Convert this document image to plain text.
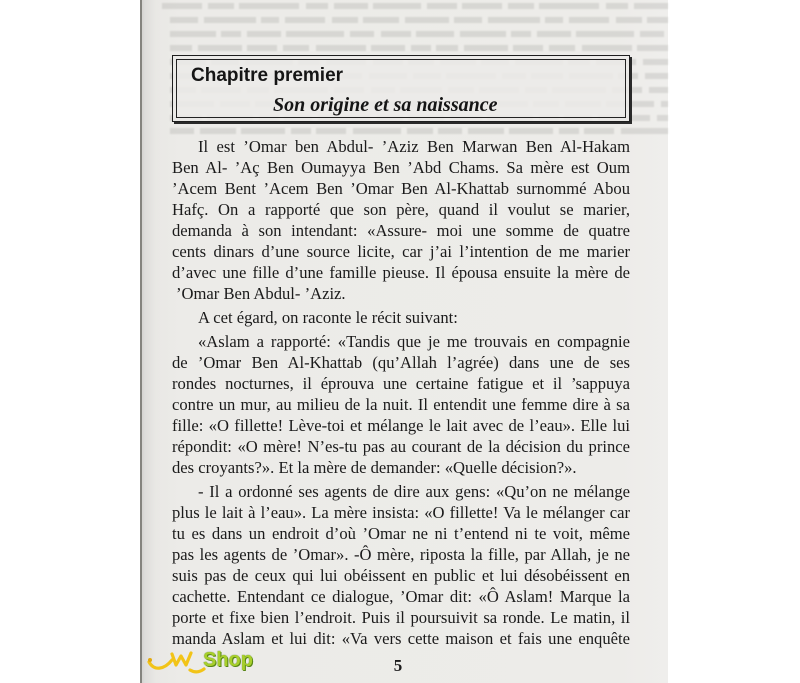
Chapitre premier
Son origine et sa naissance
Il est ’Omar ben Abdul- ’Aziz Ben Marwan Ben Al-Hakam
Ben Al- ’Aç Ben Oumayya Ben ’Abd Chams. Sa mère est Oum
’Acem Bent ’Acem Ben ’Omar Ben Al-Khattab surnommé Abou
Hafç. On a rapporté que son père, quand il voulut se marier,
demanda à son intendant: «Assure- moi une somme de quatre
cents dinars d’une source licite, car j’ai l’intention de me marier
d’avec une fille d’une famille pieuse. Il épousa ensuite la mère de
’Omar Ben Abdul- ’Aziz.
A cet égard, on raconte le récit suivant:
«Aslam a rapporté: «Tandis que je me trouvais en compagnie
de ’Omar Ben Al-Khattab (qu’Allah l’agrée) dans une de ses
rondes nocturnes, il éprouva une certaine fatigue et il ’sappuya
contre un mur, au milieu de la nuit. Il entendit une femme dire à sa
fille: «O fillette! Lève-toi et mélange le lait avec de l’eau». Elle lui
répondit: «O mère! N’es-tu pas au courant de la décision du prince
des croyants?». Et la mère de demander: «Quelle décision?».
- Il a ordonné ses agents de dire aux gens: «Qu’on ne mélange
plus le lait à l’eau». La mère insista: «O fillette! Va le mélanger car
tu es dans un endroit d’où ’Omar ne ni t’entend ni te voit, même
pas les agents de ’Omar». -Ô mère, riposta la fille, par Allah, je ne
suis pas de ceux qui lui obéissent en public et lui désobéissent en
cachette. Entendant ce dialogue, ’Omar dit: «Ô Aslam! Marque la
porte et fixe bien l’endroit. Puis il poursuivit sa ronde. Le matin, il
manda Aslam et lui dit: «Va vers cette maison et fais une enquête
5
Shop
